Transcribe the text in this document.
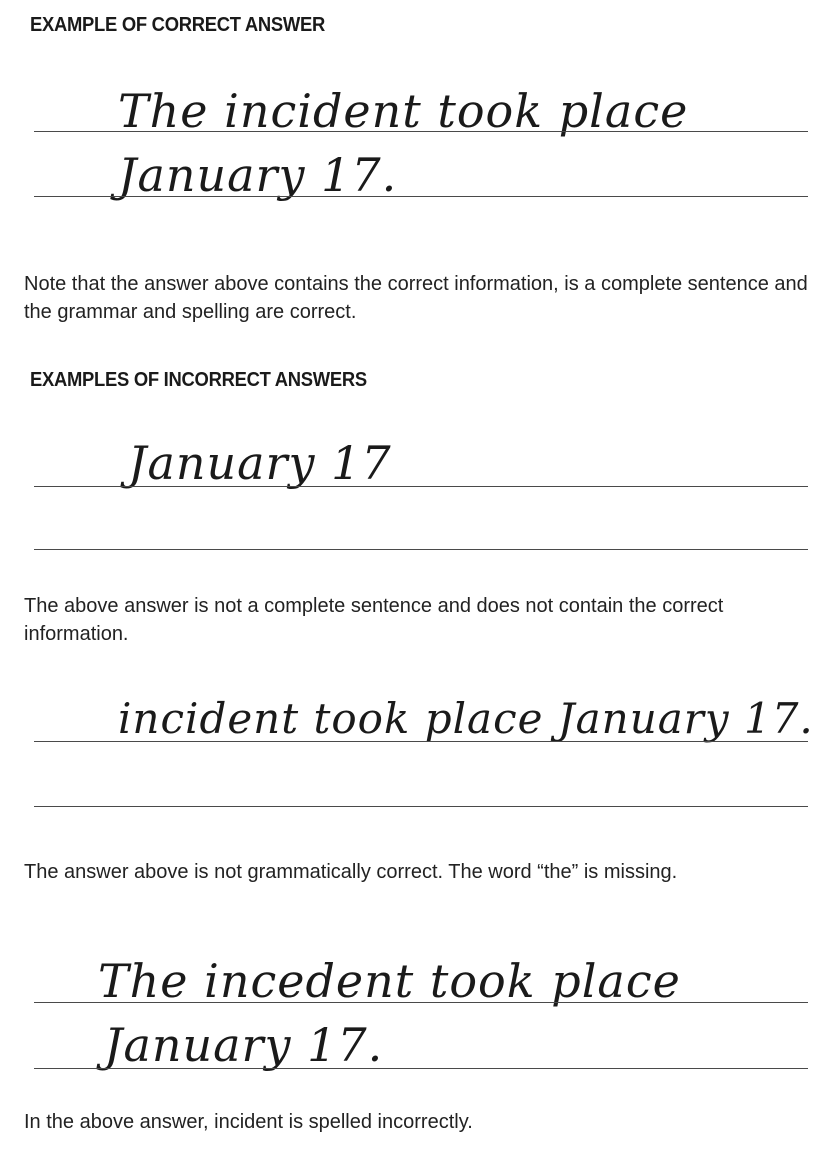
EXAMPLE OF CORRECT ANSWER
The incident took place
January 17.
Note that the answer above contains the correct information, is a complete sentence and the grammar and spelling are correct.
EXAMPLES OF INCORRECT ANSWERS
January 17
The above answer is not a complete sentence and does not contain the correct information.
incident took place January 17.
The answer above is not grammatically correct. The word “the” is missing.
The incedent took place
January 17.
In the above answer, incident is spelled incorrectly.
